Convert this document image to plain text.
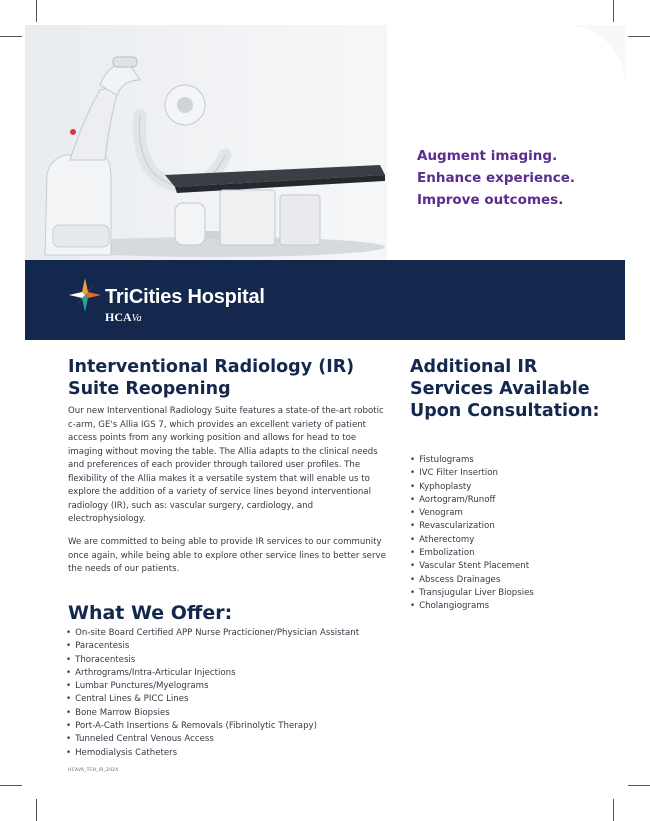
Augment imaging.
Enhance experience.
Improve outcomes.
TriCities Hospital
HCAVa
Interventional Radiology (IR) Suite Reopening

Our new Interventional Radiology Suite features a state-of the-art robotic c-arm, GE's Allia IGS 7, which provides an excellent variety of patient access points from any working position and allows for head to toe imaging without moving the table. The Allia adapts to the clinical needs and preferences of each provider through tailored user profiles. The flexibility of the Allia makes it a versatile system that will enable us to explore the addition of a variety of service lines beyond interventional radiology (IR), such as: vascular surgery, cardiology, and electrophysiology.

We are committed to being able to provide IR services to our community once again, while being able to explore other service lines to better serve the needs of our patients.

What We Offer:
• On-site Board Certified APP Nurse Practicioner/Physician Assistant
• Paracentesis
• Thoracentesis
• Arthrograms/Intra-Articular Injections
• Lumbar Punctures/Myelograms
• Central Lines & PICC Lines
• Bone Marrow Biopsies
• Port-A-Cath Insertions & Removals (Fibrinolytic Therapy)
• Tunneled Central Venous Access
• Hemodialysis Catheters
Additional IR Services Available Upon Consultation:
• Fistulograms
• IVC Filter Insertion
• Kyphoplasty
• Aortogram/Runoff
• Venogram
• Revascularization
• Atherectomy
• Embolization
• Vascular Stent Placement
• Abscess Drainages
• Transjugular Liver Biopsies
• Cholangiograms
HCAVA_TCH_IR_2024
